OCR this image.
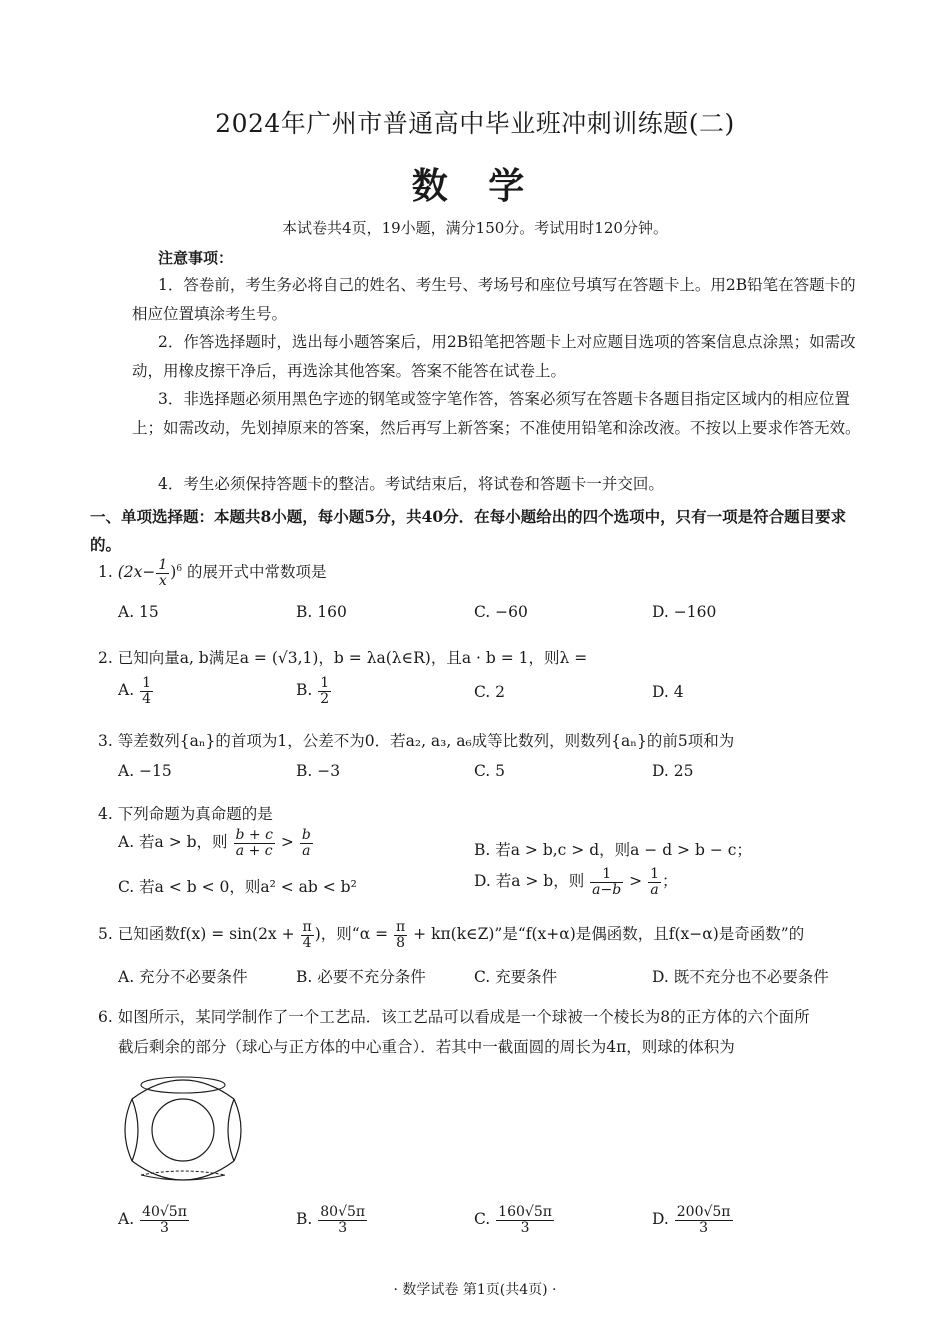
2024年广州市普通高中毕业班冲刺训练题(二)
数 学
本试卷共4页，19小题，满分150分。考试用时120分钟。
注意事项：
1．答卷前，考生务必将自己的姓名、考生号、考场号和座位号填写在答题卡上。用2B铅笔在答题卡的相应位置填涂考生号。
2．作答选择题时，选出每小题答案后，用2B铅笔把答题卡上对应题目选项的答案信息点涂黑；如需改动，用橡皮擦干净后，再选涂其他答案。答案不能答在试卷上。
3．非选择题必须用黑色字迹的钢笔或签字笔作答，答案必须写在答题卡各题目指定区域内的相应位置上；如需改动，先划掉原来的答案，然后再写上新答案；不准使用铅笔和涂改液。不按以上要求作答无效。
4．考生必须保持答题卡的整洁。考试结束后，将试卷和答题卡一并交回。
一、单项选择题：本题共8小题，每小题5分，共40分．在每小题给出的四个选项中，只有一项是符合题目要求的。
1. $(2x- \frac{1}{x} )^6$ 的展开式中常数项是
A. 15	B. 160	C. −60	D. −160
2. 已知向量a, b满足a = (√3,1)，b = λa(λ∈R)，且a · b = 1，则λ =
A. $\frac{1}{4}$	B. $\frac{1}{2}$	C. 2	D. 4
3. 等差数列{aₙ}的首项为1，公差不为0．若a₂, a₃, a₆成等比数列，则数列{aₙ}的前5项和为
A. −15	B. −3	C. 5	D. 25
4. 下列命题为真命题的是
A. 若a > b，则 $\frac{b + c}{a + c} > \frac{b}{a}$	B. 若a > b,c > d，则a − d > b − c；
C. 若a < b < 0，则a² < ab < b²	D. 若a > b，则 $\frac{1}{a-b} > \frac{1}{a}$ ；
5. 已知函数$f(x) = \sin(2x + \frac{\pi}{4}$ )，则“$\alpha = \frac{\pi}{8}$ + kπ(k∈Z)”是“f(x+α)是偶函数，且f(x−α)是奇函数”的
A. 充分不必要条件	B. 必要不充分条件	C. 充要条件	D. 既不充分也不必要条件
6. 如图所示，某同学制作了一个工艺品．该工艺品可以看成是一个球被一个棱长为8的正方体的六个面所
截后剩余的部分（球心与正方体的中心重合）．若其中一截面圆的周长为4π，则球的体积为
A. $\frac{40√5\pi}{3}$	B. $\frac{80√5\pi}{3}$	C. $\frac{160√5\pi}{3}$	D. $\frac{200√5\pi}{3}$
· 数学试卷 第1页(共4页) ·
